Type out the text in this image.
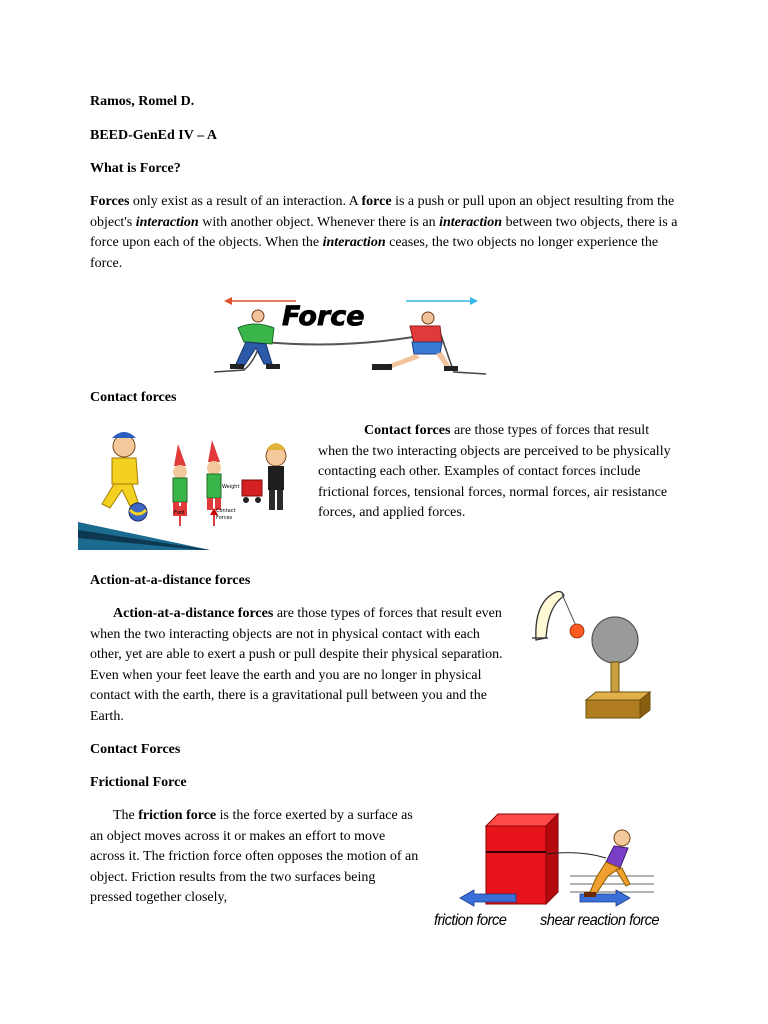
Ramos, Romel D.
BEED-GenEd IV – A
What is Force?
Forces only exist as a result of an interaction. A force is a push or pull upon an object resulting from the object's interaction with another object. Whenever there is an interaction between two objects, there is a force upon each of the objects. When the interaction ceases, the two objects no longer experience the force.
Force
Contact forces
Foot
Weight
Contact
Forces
Contact forces are those types of forces that result when the two interacting objects are perceived to be physically contacting each other. Examples of contact forces include frictional forces, tensional forces, normal forces, air resistance forces, and applied forces.
Action-at-a-distance forces
Action-at-a-distance forces are those types of forces that result even when the two interacting objects are not in physical contact with each other, yet are able to exert a push or pull despite their physical separation. Even when your feet leave the earth and you are no longer in physical contact with the earth, there is a gravitational pull between you and the Earth.
Contact Forces
Frictional Force
The friction force is the force exerted by a surface as an object moves across it or makes an effort to move across it. The friction force often opposes the motion of an object. Friction results from the two surfaces being pressed together closely,
friction force shear reaction force
